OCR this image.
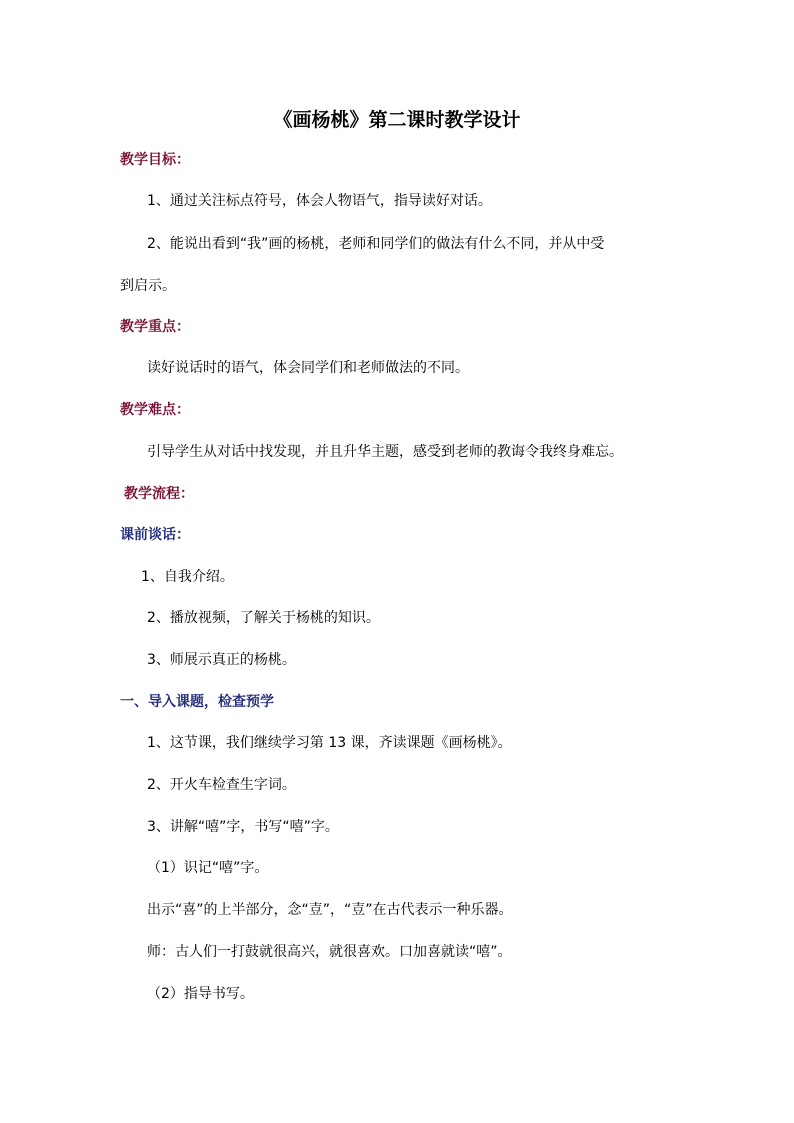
《画杨桃》第二课时教学设计
教学目标：
1、通过关注标点符号，体会人物语气，指导读好对话。
2、能说出看到“我”画的杨桃，老师和同学们的做法有什么不同，并从中受
到启示。
教学重点：
读好说话时的语气，体会同学们和老师做法的不同。
教学难点：
引导学生从对话中找发现，并且升华主题，感受到老师的教诲令我终身难忘。
教学流程：
课前谈话：
1、自我介绍。
2、播放视频，了解关于杨桃的知识。
3、师展示真正的杨桃。
一、导入课题，检查预学
1、这节课，我们继续学习第 13 课，齐读课题《画杨桃》。
2、开火车检查生字词。
3、讲解“嘻”字，书写“嘻”字。
（1）识记“嘻”字。
出示“喜”的上半部分，念“壴”，“壴”在古代表示一种乐器。
师：古人们一打鼓就很高兴，就很喜欢。口加喜就读“嘻”。
（2）指导书写。
